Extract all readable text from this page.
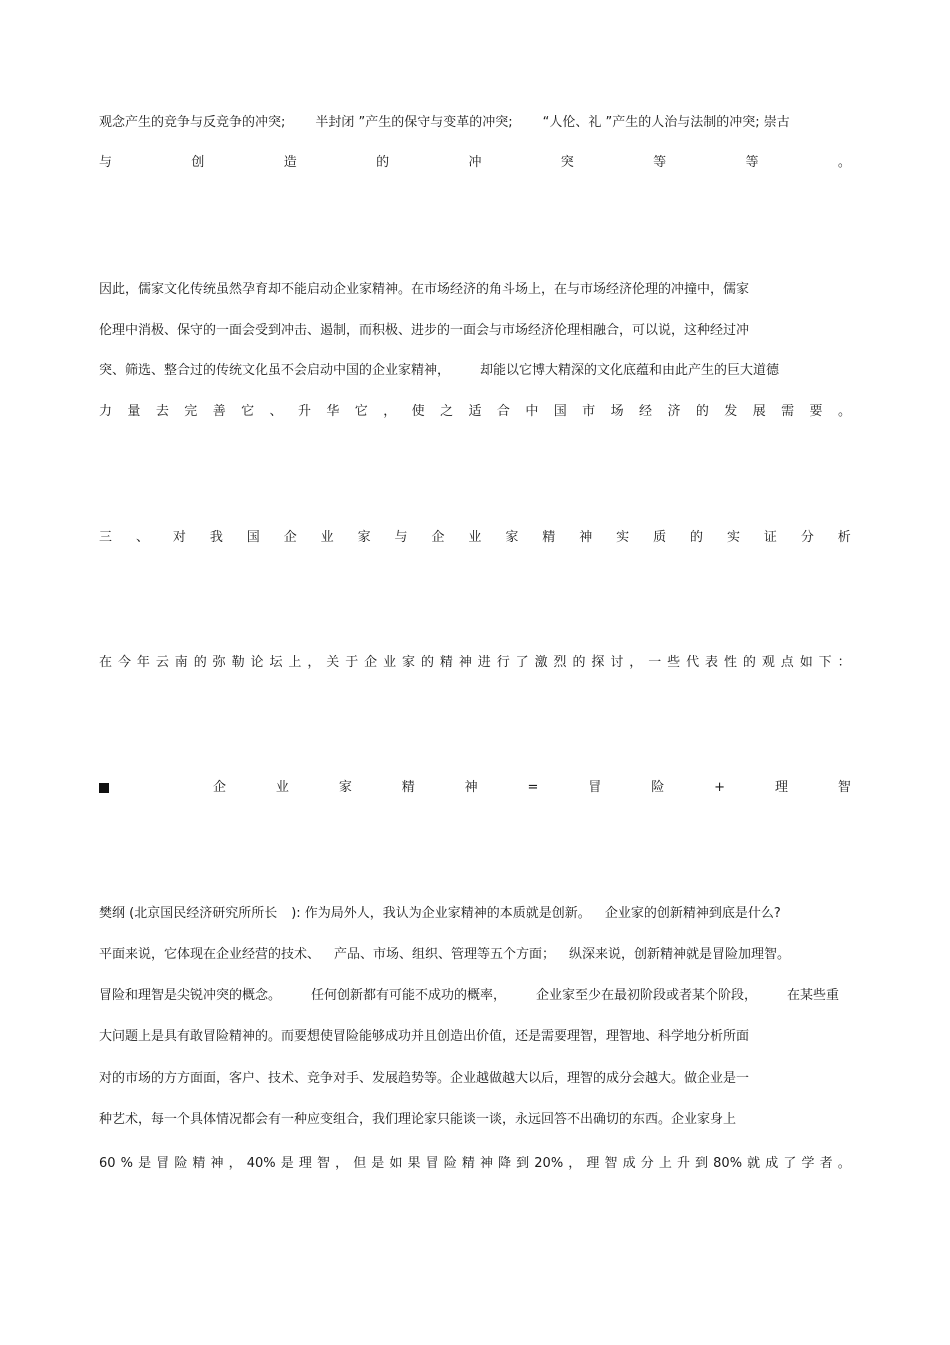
观念产生的竞争与反竞争的冲突; 半封闭 ”产生的保守与变革的冲突; “人伦、礼 ”产生的人治与法制的冲突; 崇古
与	创	造	的	冲	突	等	等	。
因此，儒家文化传统虽然孕育却不能启动企业家精神。在市场经济的角斗场上，在与市场经济伦理的冲撞中，儒家
伦理中消极、保守的一面会受到冲击、遏制，而积极、进步的一面会与市场经济伦理相融合，可以说，这种经过冲
突、筛选、整合过的传统文化虽不会启动中国的企业家精神， 却能以它博大精深的文化底蕴和由此产生的巨大道德
力 量 去 完 善 它 、 升 华 它 ， 使 之 适 合 中 国 市 场 经 济 的 发 展 需 要 。
三 、 对 我 国 企 业 家 与 企 业 家 精 神 实 质 的 实 证 分 析
在 今 年 云 南 的 弥 勒 论 坛 上 ， 关 于 企 业 家 的 精 神 进 行 了 激 烈 的 探 讨 ， 一 些 代 表 性 的 观 点 如 下 ：
企	业	家	精	神	=	冒	险	+	理	智
樊纲 (北京国民经济研究所所长 ): 作为局外人，我认为企业家精神的本质就是创新。 企业家的创新精神到底是什么?
平面来说，它体现在企业经营的技术、 产品、市场、组织、管理等五个方面； 纵深来说，创新精神就是冒险加理智。
冒险和理智是尖锐冲突的概念。 任何创新都有可能不成功的概率， 企业家至少在最初阶段或者某个阶段， 在某些重
大问题上是具有敢冒险精神的。而要想使冒险能够成功并且创造出价值，还是需要理智，理智地、科学地分析所面
对的市场的方方面面，客户、技术、竞争对手、发展趋势等。企业越做越大以后，理智的成分会越大。做企业是一
种艺术，每一个具体情况都会有一种应变组合，我们理论家只能谈一谈，永远回答不出确切的东西。企业家身上
60 % 是 冒 险 精 神 ， 40% 是 理 智 ， 但 是 如 果 冒 险 精 神 降 到 20% ， 理 智 成 分 上 升 到 80% 就 成 了 学 者 。
